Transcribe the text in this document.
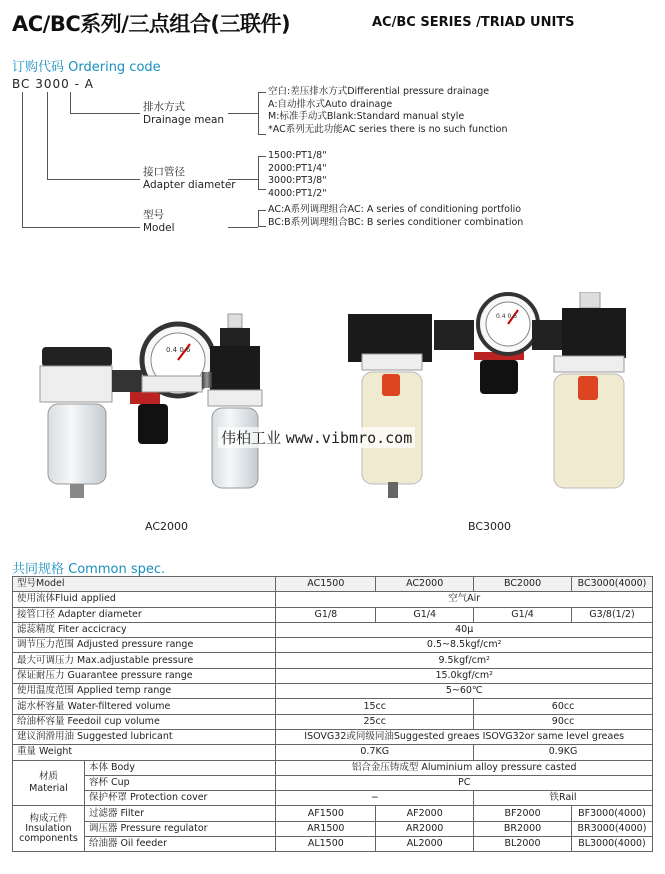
AC/BC系列/三点组合(三联件)	AC/BC SERIES /TRIAD UNITS
订购代码 Ordering code
BC 3000 - A
排水方式
Drainage mean
空白:差压排水方式Differential pressure drainage
A:自动排水式Auto drainage
M:标准手动式Blank:Standard manual style
*AC系列无此功能AC series there is no such function
接口管径
Adapter diameter
1500:PT1/8"
2000:PT1/4"
3000:PT3/8"
4000:PT1/2"
型号
Model
AC:A系列调理组合AC: A series of conditioning portfolio
BC:B系列调理组合BC: B series conditioner combination
0.4 0.6
0.4 0.6
伟柏工业 www.vibmro.com
AC2000	BC3000
共同规格 Common spec.
型号Model		AC1500	AC2000	BC2000	BC3000(4000)
使用流体Fluid applied		空气Air			
接管口径 Adapter diameter		G1/8	G1/4	G1/4	G3/8(1/2)
滤蕊精度 Fiter accicracy		40μ			
调节压力范围 Adjusted pressure range		0.5~8.5kgf/cm²			
最大可调压力 Max.adjustable pressure		9.5kgf/cm²			
保证耐压力 Guarantee pressure range		15.0kgf/cm²			
使用温度范围 Applied temp range		5~60℃			
滤水杯容量 Water-filtered volume		15cc		60cc	
给油杯容量 Feedoil cup volume		25cc		90cc	
建议润滑用油 Suggested lubricant		ISOVG32或同级同油Suggested greaes ISOVG32or same level greaes			
重量 Weight		0.7KG		0.9KG	

材质
Material	本体 Body	铝合金压铸成型 Aluminium alloy pressure casted			
	容杯 Cup	PC			
	保护杯罩 Protection cover	−		铁Rail	

构成元件
Insulation
components	过滤器 Filter	AF1500	AF2000	BF2000	BF3000(4000)
	调压器 Pressure regulator	AR1500	AR2000	BR2000	BR3000(4000)
	给油器 Oil feeder	AL1500	AL2000	BL2000	BL3000(4000)
